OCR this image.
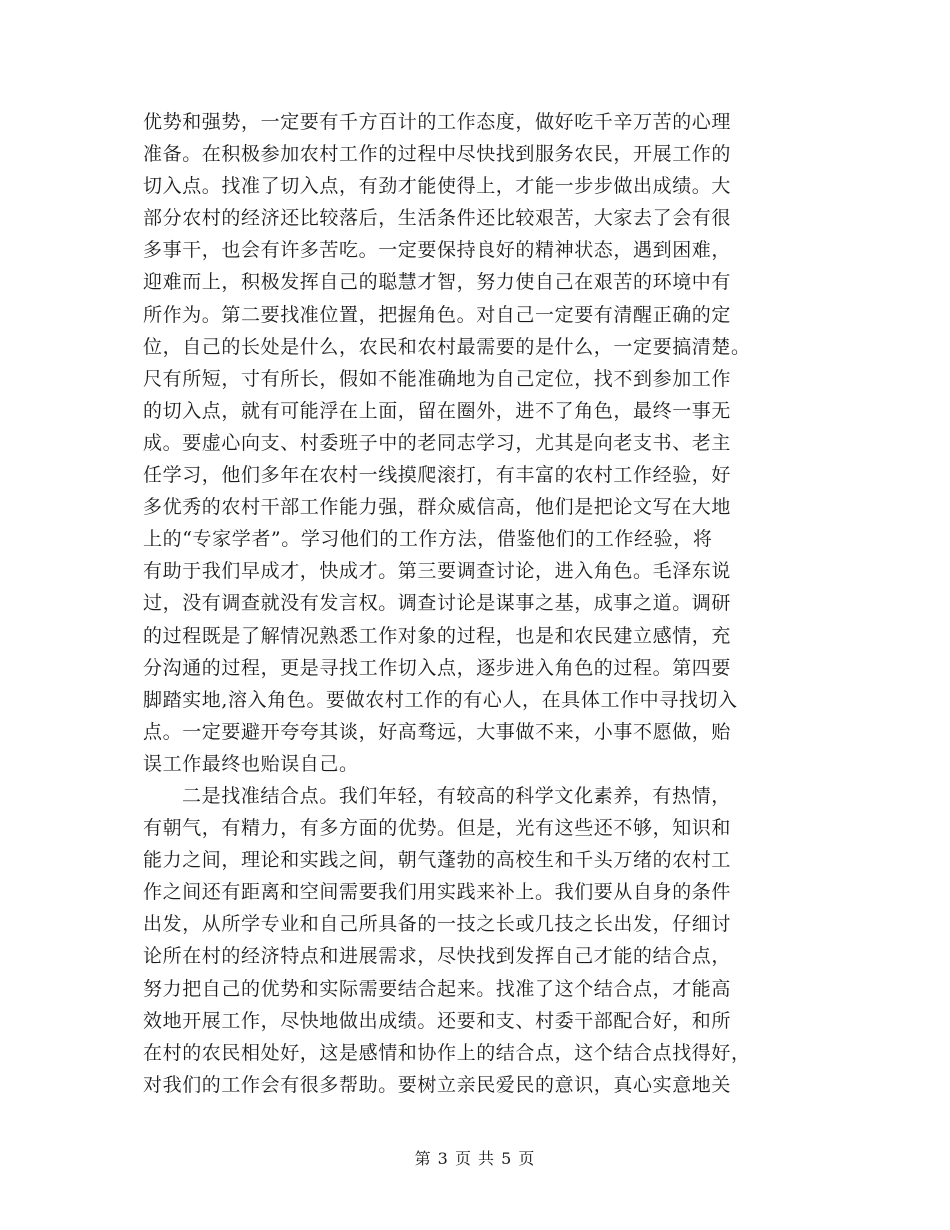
优势和强势，一定要有千方百计的工作态度，做好吃千辛万苦的心理
准备。在积极参加农村工作的过程中尽快找到服务农民，开展工作的
切入点。找准了切入点，有劲才能使得上，才能一步步做出成绩。大
部分农村的经济还比较落后，生活条件还比较艰苦，大家去了会有很
多事干，也会有许多苦吃。一定要保持良好的精神状态，遇到困难，
迎难而上，积极发挥自己的聪慧才智，努力使自己在艰苦的环境中有
所作为。第二要找准位置，把握角色。对自己一定要有清醒正确的定
位，自己的长处是什么，农民和农村最需要的是什么，一定要搞清楚。
尺有所短，寸有所长，假如不能准确地为自己定位，找不到参加工作
的切入点，就有可能浮在上面，留在圈外，进不了角色，最终一事无
成。要虚心向支、村委班子中的老同志学习，尤其是向老支书、老主
任学习，他们多年在农村一线摸爬滚打，有丰富的农村工作经验，好
多优秀的农村干部工作能力强，群众威信高，他们是把论文写在大地
上的“专家学者”。学习他们的工作方法，借鉴他们的工作经验，将
有助于我们早成才，快成才。第三要调查讨论，进入角色。毛泽东说
过，没有调查就没有发言权。调查讨论是谋事之基，成事之道。调研
的过程既是了解情况熟悉工作对象的过程，也是和农民建立感情，充
分沟通的过程，更是寻找工作切入点，逐步进入角色的过程。第四要
脚踏实地,溶入角色。要做农村工作的有心人，在具体工作中寻找切入
点。一定要避开夸夸其谈，好高骛远，大事做不来，小事不愿做，贻
误工作最终也贻误自己。
二是找准结合点。我们年轻，有较高的科学文化素养，有热情，
有朝气，有精力，有多方面的优势。但是，光有这些还不够，知识和
能力之间，理论和实践之间，朝气蓬勃的高校生和千头万绪的农村工
作之间还有距离和空间需要我们用实践来补上。我们要从自身的条件
出发，从所学专业和自己所具备的一技之长或几技之长出发，仔细讨
论所在村的经济特点和进展需求，尽快找到发挥自己才能的结合点，
努力把自己的优势和实际需要结合起来。找准了这个结合点，才能高
效地开展工作，尽快地做出成绩。还要和支、村委干部配合好，和所
在村的农民相处好，这是感情和协作上的结合点，这个结合点找得好，
对我们的工作会有很多帮助。要树立亲民爱民的意识，真心实意地关
第 3 页 共 5 页
